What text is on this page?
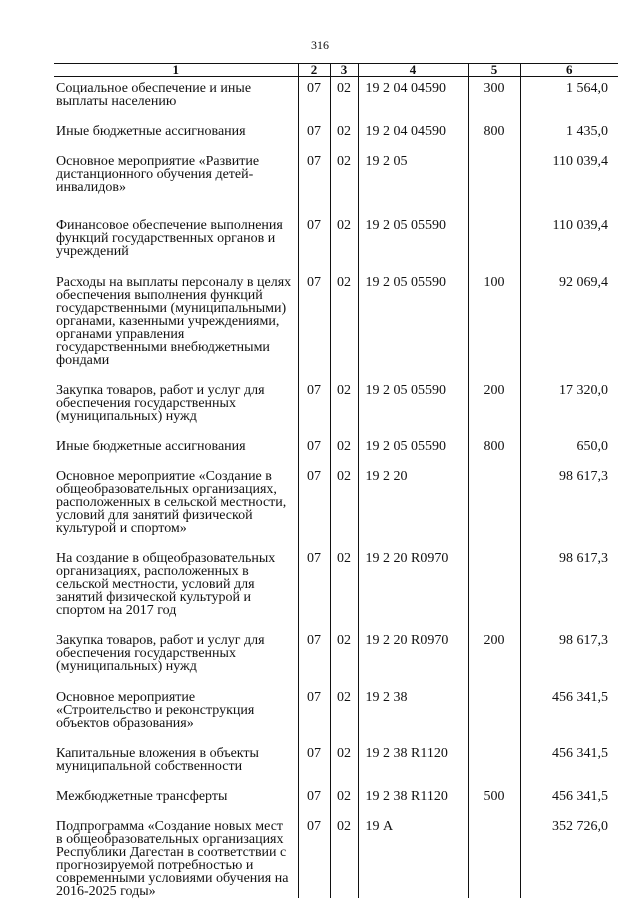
316
1	2	3	4	5	6
Социальное обеспечение и иные выплаты населению	07	02	19 2 04 04590	300	1 564,0
Иные бюджетные ассигнования	07	02	19 2 04 04590	800	1 435,0
Основное мероприятие «Развитие дистанционного обучения детей-инвалидов»	07	02	19 2 05		110 039,4
Финансовое обеспечение выполнения функций государственных органов и учреждений	07	02	19 2 05 05590		110 039,4
Расходы на выплаты персоналу в целях обеспечения выполнения функций государственными (муниципальными) органами, казенными учреждениями, органами управления государственными внебюджетными фондами	07	02	19 2 05 05590	100	92 069,4
Закупка товаров, работ и услуг для обеспечения государственных (муниципальных) нужд	07	02	19 2 05 05590	200	17 320,0
Иные бюджетные ассигнования	07	02	19 2 05 05590	800	650,0
Основное мероприятие «Создание в общеобразовательных организациях, расположенных в сельской местности, условий для занятий физической культурой и спортом»	07	02	19 2 20		98 617,3
На создание в общеобразовательных организациях, расположенных в сельской местности, условий для занятий физической культурой и спортом на 2017 год	07	02	19 2 20 R0970		98 617,3
Закупка товаров, работ и услуг для обеспечения государственных (муниципальных) нужд	07	02	19 2 20 R0970	200	98 617,3
Основное мероприятие «Строительство и реконструкция объектов образования»	07	02	19 2 38		456 341,5
Капитальные вложения в объекты муниципальной собственности	07	02	19 2 38 R1120		456 341,5
Межбюджетные трансферты	07	02	19 2 38 R1120	500	456 341,5
Подпрограмма «Создание новых мест в общеобразовательных организациях Республики Дагестан в соответствии с прогнозируемой потребностью и современными условиями обучения на 2016-2025 годы»	07	02	19 А		352 726,0
